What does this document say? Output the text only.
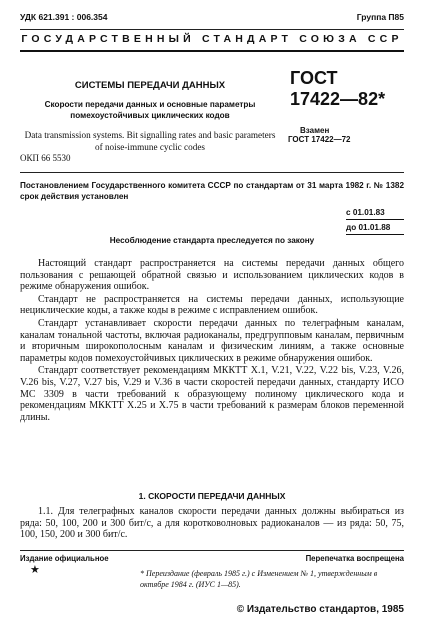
УДК 621.391 : 006.354	Группа П85
ГОСУДАРСТВЕННЫЙ СТАНДАРТ СОЮЗА ССР
СИСТЕМЫ ПЕРЕДАЧИ ДАННЫХ
Скорости передачи данных и основные параметры помехоустойчивых циклических кодов
Data transmission systems. Bit signalling rates and basic parameters of noise-immune cyclic codes
ОКП 66 5530
ГОСТ
17422—82*
Взамен
ГОСТ 17422—72
Постановлением Государственного комитета СССР по стандартам от 31 марта 1982 г. № 1382 срок действия установлен
с 01.01.83
до 01.01.88
Несоблюдение стандарта преследуется по закону

Настоящий стандарт распространяется на системы передачи данных общего пользования с решающей обратной связью и использованием циклических кодов в режиме обнаружения ошибок.

Стандарт не распространяется на системы передачи данных, использующие нециклические коды, а также коды в режиме с исправлением ошибок.

Стандарт устанавливает скорости передачи данных по телеграфным каналам, каналам тональной частоты, включая радиоканалы, предгрупповым каналам, первичным и вторичным широкополосным каналам и физическим линиям, а также основные параметры кодов помехоустойчивых циклических в режиме обнаружения ошибок.

Стандарт соответствует рекомендациям МККТТ X.1, V.21, V.22, V.22 bis, V.23, V.26, V.26 bis, V.27, V.27 bis, V.29 и V.36 в части скоростей передачи данных, стандарту ИСО МС 3309 в части требований к образующему полиному циклического кода и рекомендациям МККТТ X.25 и X.75 в части требований к размерам блоков переменной длины.

1. СКОРОСТИ ПЕРЕДАЧИ ДАННЫХ

1.1. Для телеграфных каналов скорости передачи данных должны выбираться из ряда: 50, 100, 200 и 300 бит/с, а для коротковолновых радиоканалов — из ряда: 50, 75, 100, 150, 200 и 300 бит/с.

Издание официальное	Перепечатка воспрещена
★	* Переиздание (февраль 1985 г.) с Изменением № 1, утвержденным в октябре 1984 г. (ИУС 1—85).
© Издательство стандартов, 1985
